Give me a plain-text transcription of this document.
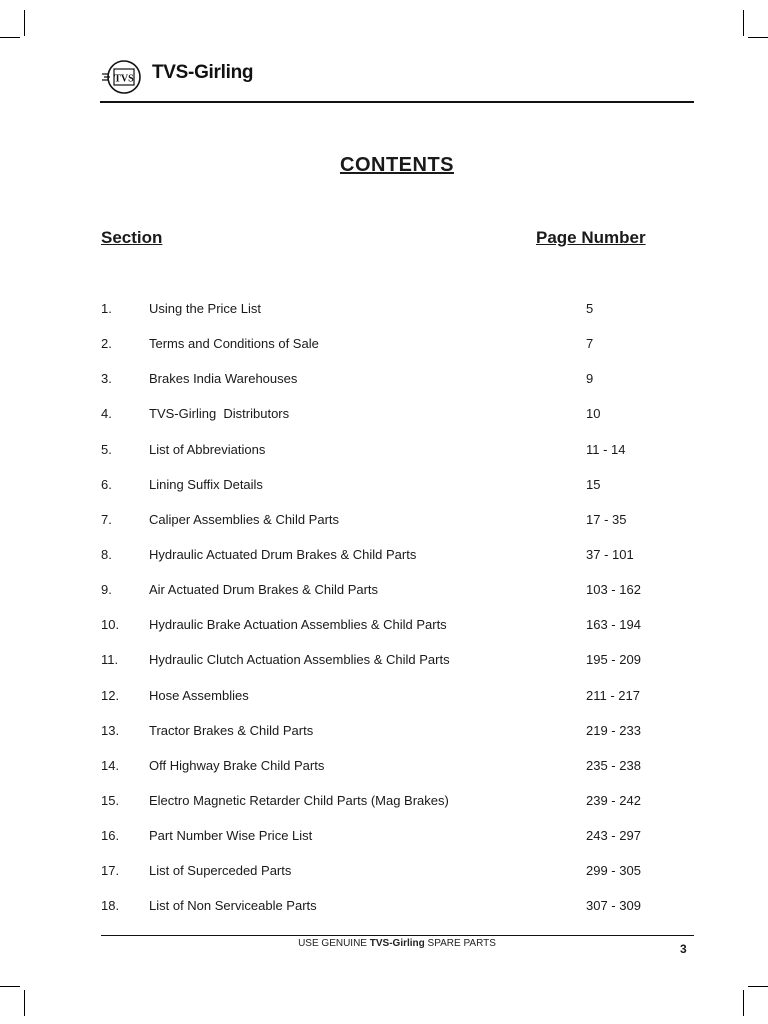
TVS TVS-Girling
CONTENTS
Section	Page Number
1.	Using the Price List	5
2.	Terms and Conditions of Sale	7
3.	Brakes India Warehouses	9
4.	TVS-Girling  Distributors	10
5.	List of Abbreviations	11 - 14
6.	Lining Suffix Details	15
7.	Caliper Assemblies & Child Parts	17 - 35
8.	Hydraulic Actuated Drum Brakes & Child Parts	37 - 101
9.	Air Actuated Drum Brakes & Child Parts	103 - 162
10. Hydraulic Brake Actuation Assemblies & Child Parts	163 - 194
11. Hydraulic Clutch Actuation Assemblies & Child Parts	195 - 209
12. Hose Assemblies	211 - 217
13. Tractor Brakes & Child Parts	219 - 233
14. Off Highway Brake Child Parts	235 - 238
15. Electro Magnetic Retarder Child Parts (Mag Brakes)	239 - 242
16. Part Number Wise Price List	243 - 297
17. List of Superceded Parts	299 - 305
18. List of Non Serviceable Parts	307 - 309
USE GENUINE TVS-Girling SPARE PARTS	3
